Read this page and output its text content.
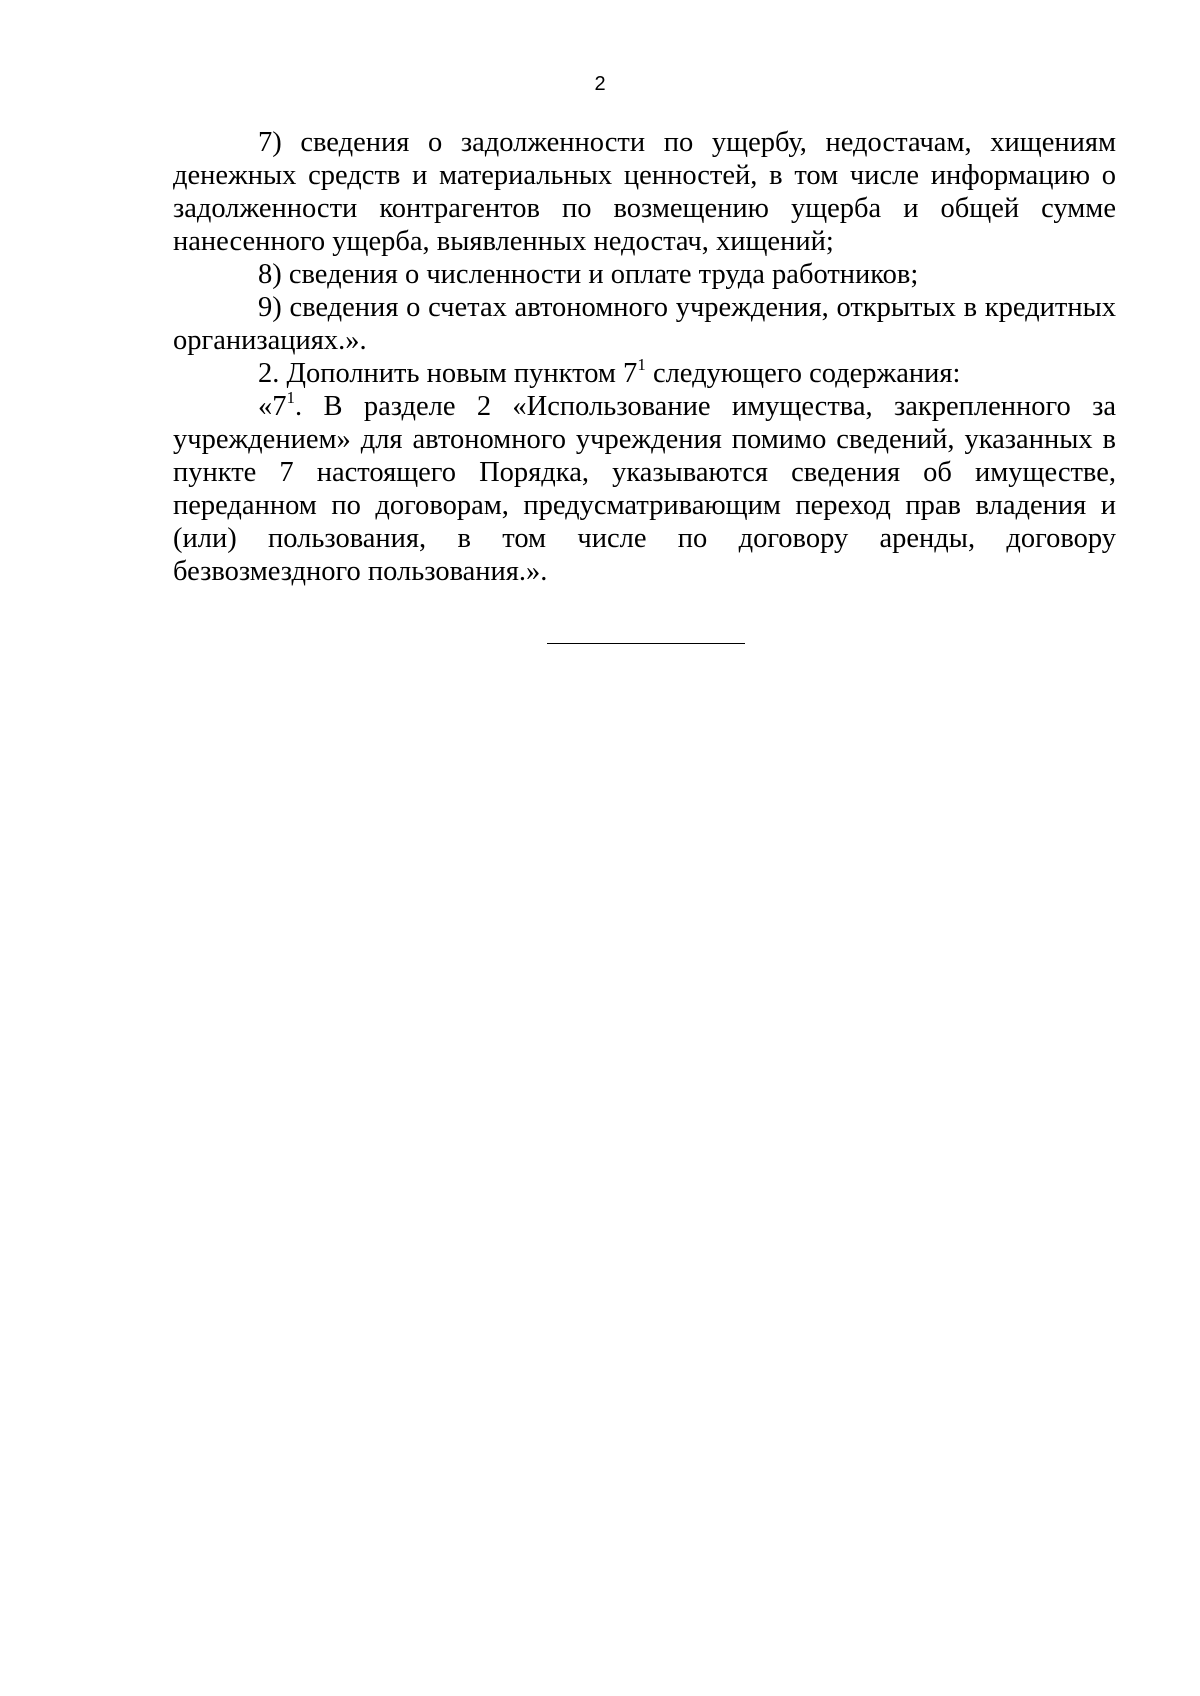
2

7) сведения о задолженности по ущербу, недостачам, хищениям денежных средств и материальных ценностей, в том числе информацию о задолженности контрагентов по возмещению ущерба и общей сумме нанесенного ущерба, выявленных недостач, хищений;

8) сведения о численности и оплате труда работников;

9) сведения о счетах автономного учреждения, открытых в кредитных организациях.».

2. Дополнить новым пунктом $7^1$ следующего содержания:

«$7^1$. В разделе 2 «Использование имущества, закрепленного за учреждением» для автономного учреждения помимо сведений, указанных в пункте 7 настоящего Порядка, указываются сведения об имуществе, переданном по договорам, предусматривающим переход прав владения и (или) пользования, в том числе по договору аренды, договору безвозмездного пользования.».
